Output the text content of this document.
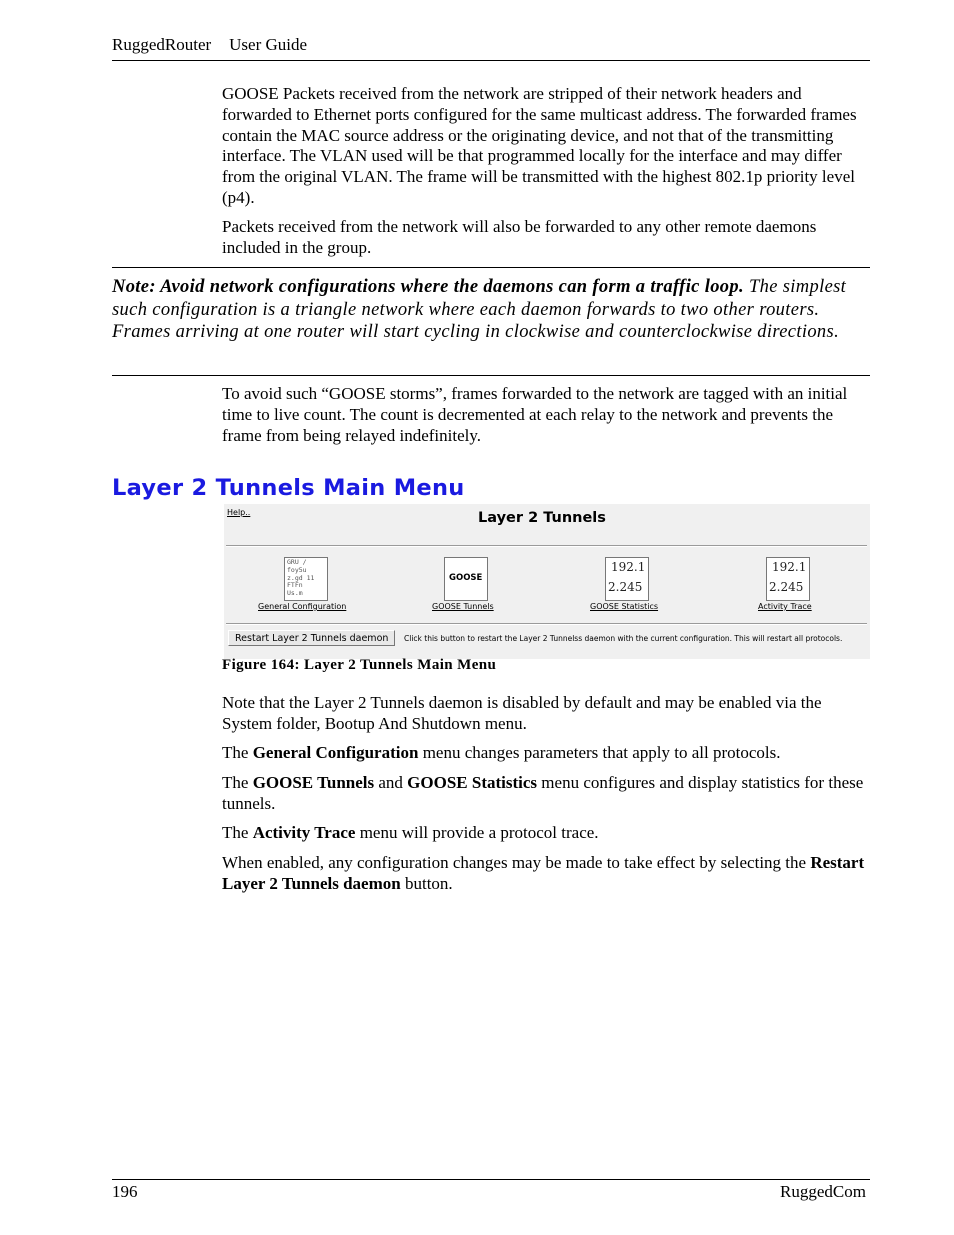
RuggedRouter User Guide
GOOSE Packets received from the network are stripped of their network headers and forwarded to Ethernet ports configured for the same multicast address. The forwarded frames contain the MAC source address or the originating device, and not that of the transmitting interface. The VLAN used will be that programmed locally for the interface and may differ from the original VLAN. The frame will be transmitted with the highest 802.1p priority level (p4).
Packets received from the network will also be forwarded to any other remote daemons included in the group.
Note: Avoid network configurations where the daemons can form a traffic loop. The simplest such configuration is a triangle network where each daemon forwards to two other routers. Frames arriving at one router will start cycling in clockwise and counterclockwise directions.
To avoid such “GOOSE storms”, frames forwarded to the network are tagged with an initial time to live count. The count is decremented at each relay to the network and prevents the frame from being relayed indefinitely.
Layer 2 Tunnels Main Menu
Help..	Layer 2 Tunnels
GRU /
foy5u
z.gd 11
FTFn
Us.m
General Configuration
GOOSE
GOOSE Tunnels
192.1
2.245
GOOSE Statistics
192.1
2.245
Activity Trace
Click this button to restart the Layer 2 Tunnelss daemon with the current configuration. This will restart all protocols.
Restart Layer 2 Tunnels daemon
Figure 164: Layer 2 Tunnels Main Menu
Note that the Layer 2 Tunnels daemon is disabled by default and may be enabled via the System folder, Bootup And Shutdown menu.
The General Configuration menu changes parameters that apply to all protocols.
The GOOSE Tunnels and GOOSE Statistics menu configures and display statistics for these tunnels.
The Activity Trace menu will provide a protocol trace.
When enabled, any configuration changes may be made to take effect by selecting the Restart Layer 2 Tunnels daemon button.
196	RuggedCom
